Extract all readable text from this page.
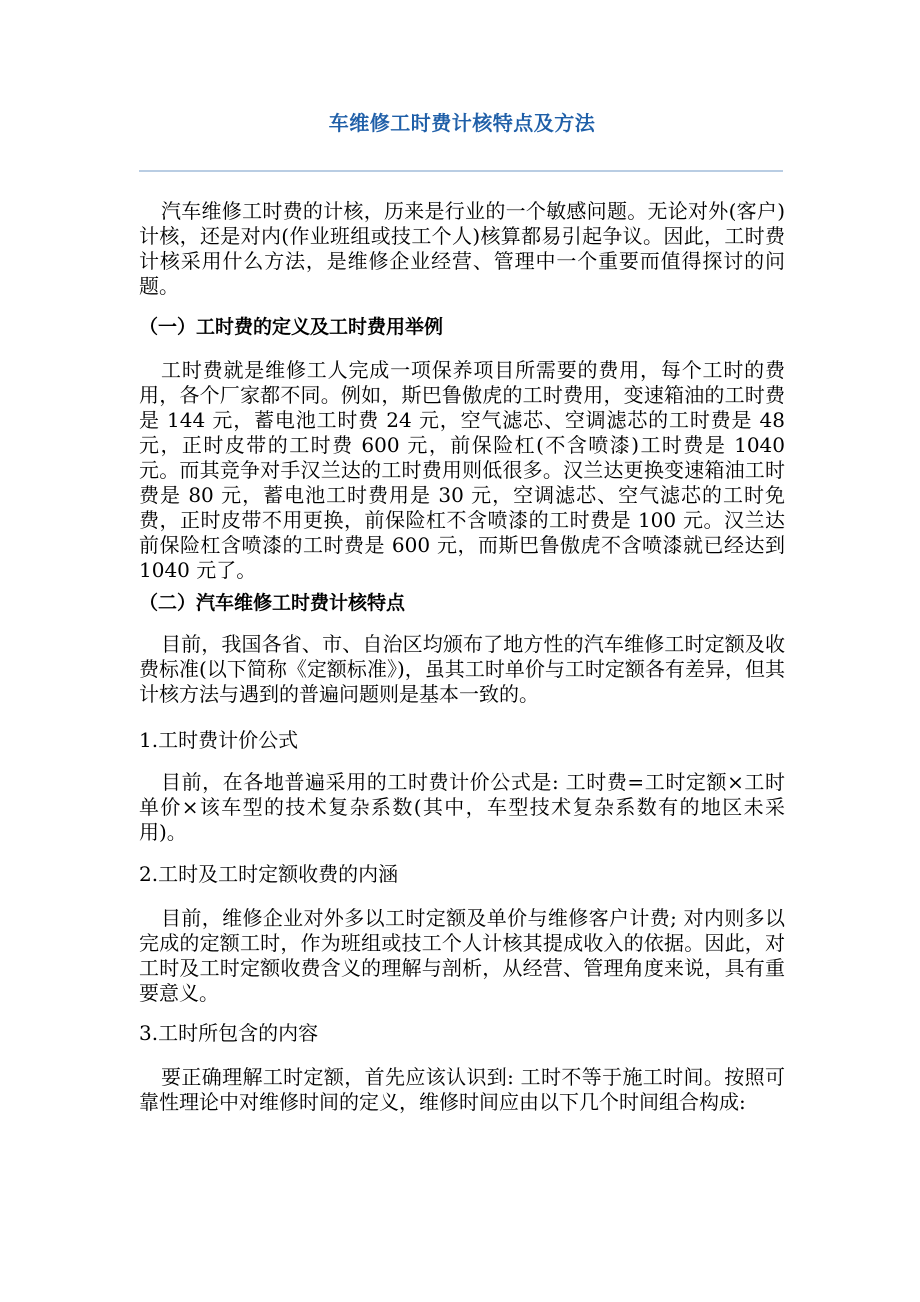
车维修工时费计核特点及方法

汽车维修工时费的计核，历来是行业的一个敏感问题。无论对外(客户)计核，还是对内(作业班组或技工个人)核算都易引起争议。因此，工时费计核采用什么方法，是维修企业经营、管理中一个重要而值得探讨的问题。

（一）工时费的定义及工时费用举例

工时费就是维修工人完成一项保养项目所需要的费用，每个工时的费用，各个厂家都不同。例如，斯巴鲁傲虎的工时费用，变速箱油的工时费是 144 元，蓄电池工时费 24 元，空气滤芯、空调滤芯的工时费是 48 元，正时皮带的工时费 600 元，前保险杠(不含喷漆)工时费是 1040 元。而其竞争对手汉兰达的工时费用则低很多。汉兰达更换变速箱油工时费是 80 元，蓄电池工时费用是 30 元，空调滤芯、空气滤芯的工时免费，正时皮带不用更换，前保险杠不含喷漆的工时费是 100 元。汉兰达前保险杠含喷漆的工时费是 600 元，而斯巴鲁傲虎不含喷漆就已经达到 1040 元了。

（二）汽车维修工时费计核特点

目前，我国各省、市、自治区均颁布了地方性的汽车维修工时定额及收费标准(以下简称《定额标准》)，虽其工时单价与工时定额各有差异，但其计核方法与遇到的普遍问题则是基本一致的。

1.工时费计价公式

目前，在各地普遍采用的工时费计价公式是: 工时费=工时定额×工时单价×该车型的技术复杂系数(其中，车型技术复杂系数有的地区未采用)。

2.工时及工时定额收费的内涵

目前，维修企业对外多以工时定额及单价与维修客户计费; 对内则多以完成的定额工时，作为班组或技工个人计核其提成收入的依据。因此，对工时及工时定额收费含义的理解与剖析，从经营、管理角度来说，具有重要意义。

3.工时所包含的内容

要正确理解工时定额，首先应该认识到: 工时不等于施工时间。按照可靠性理论中对维修时间的定义，维修时间应由以下几个时间组合构成:
